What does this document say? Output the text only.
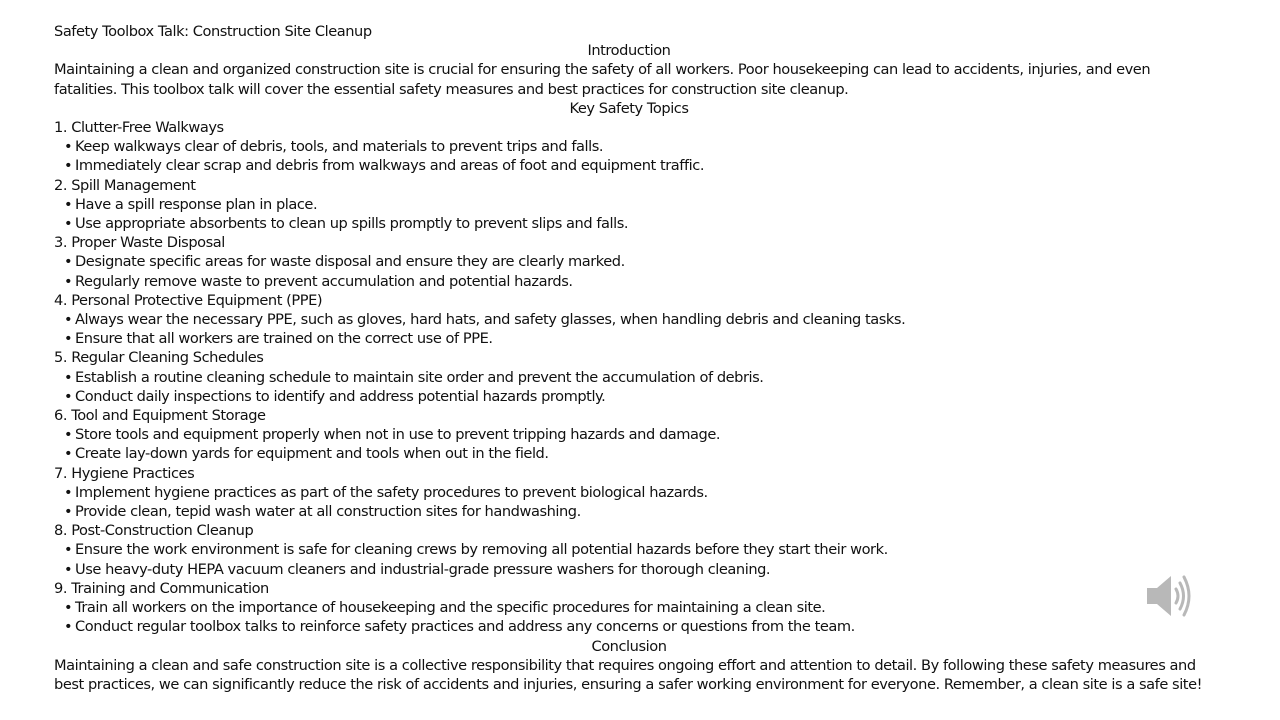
Safety Toolbox Talk: Construction Site Cleanup
Introduction
Maintaining a clean and organized construction site is crucial for ensuring the safety of all workers. Poor housekeeping can lead to accidents, injuries, and even fatalities. This toolbox talk will cover the essential safety measures and best practices for construction site cleanup.
Key Safety Topics
1. Clutter-Free Walkways
• Keep walkways clear of debris, tools, and materials to prevent trips and falls.
• Immediately clear scrap and debris from walkways and areas of foot and equipment traffic.
2. Spill Management
• Have a spill response plan in place.
• Use appropriate absorbents to clean up spills promptly to prevent slips and falls.
3. Proper Waste Disposal
• Designate specific areas for waste disposal and ensure they are clearly marked.
• Regularly remove waste to prevent accumulation and potential hazards.
4. Personal Protective Equipment (PPE)
• Always wear the necessary PPE, such as gloves, hard hats, and safety glasses, when handling debris and cleaning tasks.
• Ensure that all workers are trained on the correct use of PPE.
5. Regular Cleaning Schedules
• Establish a routine cleaning schedule to maintain site order and prevent the accumulation of debris.
• Conduct daily inspections to identify and address potential hazards promptly.
6. Tool and Equipment Storage
• Store tools and equipment properly when not in use to prevent tripping hazards and damage.
• Create lay-down yards for equipment and tools when out in the field.
7. Hygiene Practices
• Implement hygiene practices as part of the safety procedures to prevent biological hazards.
• Provide clean, tepid wash water at all construction sites for handwashing.
8. Post-Construction Cleanup
• Ensure the work environment is safe for cleaning crews by removing all potential hazards before they start their work.
• Use heavy-duty HEPA vacuum cleaners and industrial-grade pressure washers for thorough cleaning.
9. Training and Communication
• Train all workers on the importance of housekeeping and the specific procedures for maintaining a clean site.
• Conduct regular toolbox talks to reinforce safety practices and address any concerns or questions from the team.
Conclusion
Maintaining a clean and safe construction site is a collective responsibility that requires ongoing effort and attention to detail. By following these safety measures and best practices, we can significantly reduce the risk of accidents and injuries, ensuring a safer working environment for everyone. Remember, a clean site is a safe site!
